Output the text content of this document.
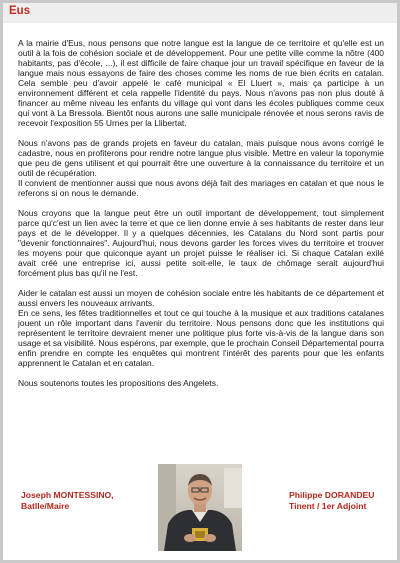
Eus

A la mairie d'Eus, nous pensons que notre langue est la langue de ce territoire et qu'elle est un outil à la fois de cohésion sociale et de développement. Pour une petite ville comme la nôtre (400 habitants, pas d'école, ...), il est difficile de faire chaque jour un travail spécifique en faveur de la langue mais nous essayons de faire des choses comme les noms de rue bien écrits en catalan. Cela semble peu d'avoir appelé le café municipal « El Lluert », mais ça participe à un environnement différent et cela rappelle l'identité du pays. Nous n'avons pas non plus douté à financer au même niveau les enfants du village qui vont dans les écoles publiques comme ceux qui vont à La Bressola. Bientôt nous aurons une salle municipale rénovée et nous serons ravis de recevoir l'exposition 55 Urnes per la Llibertat.

Nous n'avons pas de grands projets en faveur du catalan, mais puisque nous avons corrigé le cadastre, nous en profiterons pour rendre notre langue plus visible. Mettre en valeur la toponymie que peu de gens utilisent et qui pourrait être une ouverture à la connaissance du territoire et un outil de récupération.

Il convient de mentionner aussi que nous avons déjà fait des mariages en catalan et que nous le referons si on nous le demande.

Nous croyons que la langue peut être un outil important de développement, tout simplement parce qu'c'est un lien avec la terre et que ce lien donne envie à ses habitants de rester dans leur pays et de le développer. Il y a quelques décennies, les Catalans du Nord sont partis pour "devenir fonctionnaires". Aujourd'hui, nous devons garder les forces vives du territoire et trouver les moyens pour que quiconque ayant un projet puisse le réaliser ici. Si chaque Catalan exilé avait créé une entreprise ici, aussi petite soit-elle, le taux de chômage serait aujourd'hui forcément plus bas qu'il ne l'est.

Aider le catalan est aussi un moyen de cohésion sociale entre les habitants de ce département et aussi envers les nouveaux arrivants.

En ce sens, les fêtes traditionnelles et tout ce qui touche à la musique et aux traditions catalanes jouent un rôle important dans l'avenir du territoire. Nous pensons donc que les institutions qui représentent le territoire devraient mener une politique plus forte vis-à-vis de la langue dans son usage et sa visibilité. Nous espérons, par exemple, que le prochain Conseil Départemental pourra enfin prendre en compte les enquêtes qui montrent l'intérêt des parents pour que les enfants apprennent le Catalan et en catalan.

Nous soutenons toutes les propositions des Angelets.

Joseph MONTESSINO,
Batlle/Maire
Philippe DORANDEU
Tinent / 1er Adjoint
